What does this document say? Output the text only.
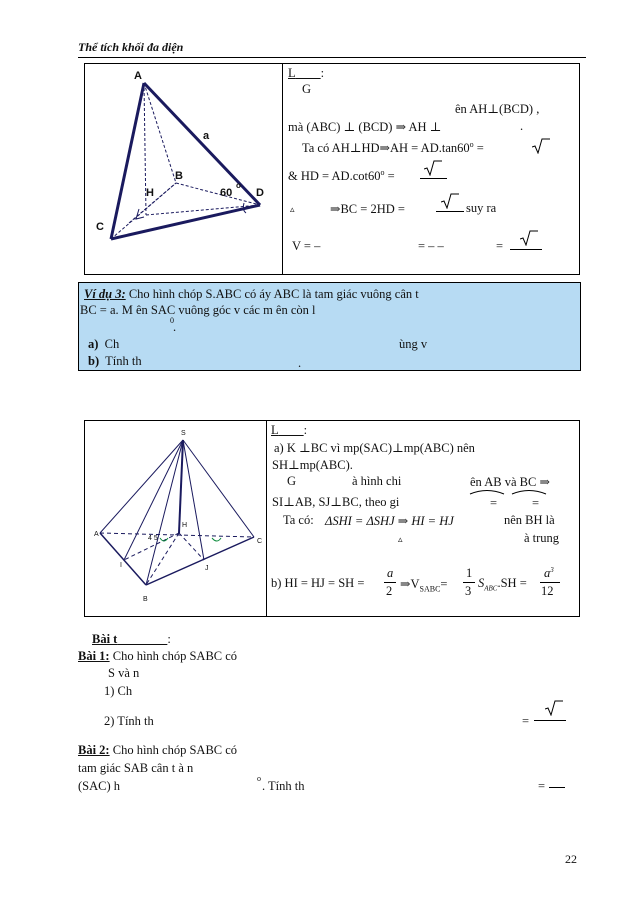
Thể tích khối đa diện
A
a
B
H	60
o
D
C
L   :
G
ên AH⊥(BCD) ,
mà (ABC) ⊥ (BCD) ⇒ AH ⊥	.
Ta có AH⊥HD⇒AH = $AD.\tan 60^o$ =
& HD = $AD.\cot 60^o$ =
▵	⇒BC = 2HD =	suy ra
V = –	= – –	=
Ví dụ 3: Cho hình chóp S.ABC có áy ABC là tam giác vuông cân t
BC = a. M ên SAC vuông góc v các m ên còn l
0 .
a) Ch	ùng v
b) Tính th	.
S
A
H
4 5	C
I	J
B
L   :
a) K ⊥BC vì mp(SAC)⊥mp(ABC) nên
SH⊥mp(ABC).
G	à hình chi	ên AB và BC ⇒
SI⊥AB, SJ⊥BC, theo gi	=	=
Ta có: ΔSHI = ΔSHJ ⇒ HI = HJ	nên BH là
▵	à trung
b) HI = HJ = SH =
a
2 $\Rightarrow V_{SABC}=$
1
3
$S_{ABC}.SH$ =
$a^3$
12
Bài t    	:
Bài 1: Cho hình chóp SABC có
S và n
1) Ch
2) Tính th	=
Bài 2: Cho hình chóp SABC có
tam giác SAB cân t à n
(SAC) h
o
. Tính th	=
22
